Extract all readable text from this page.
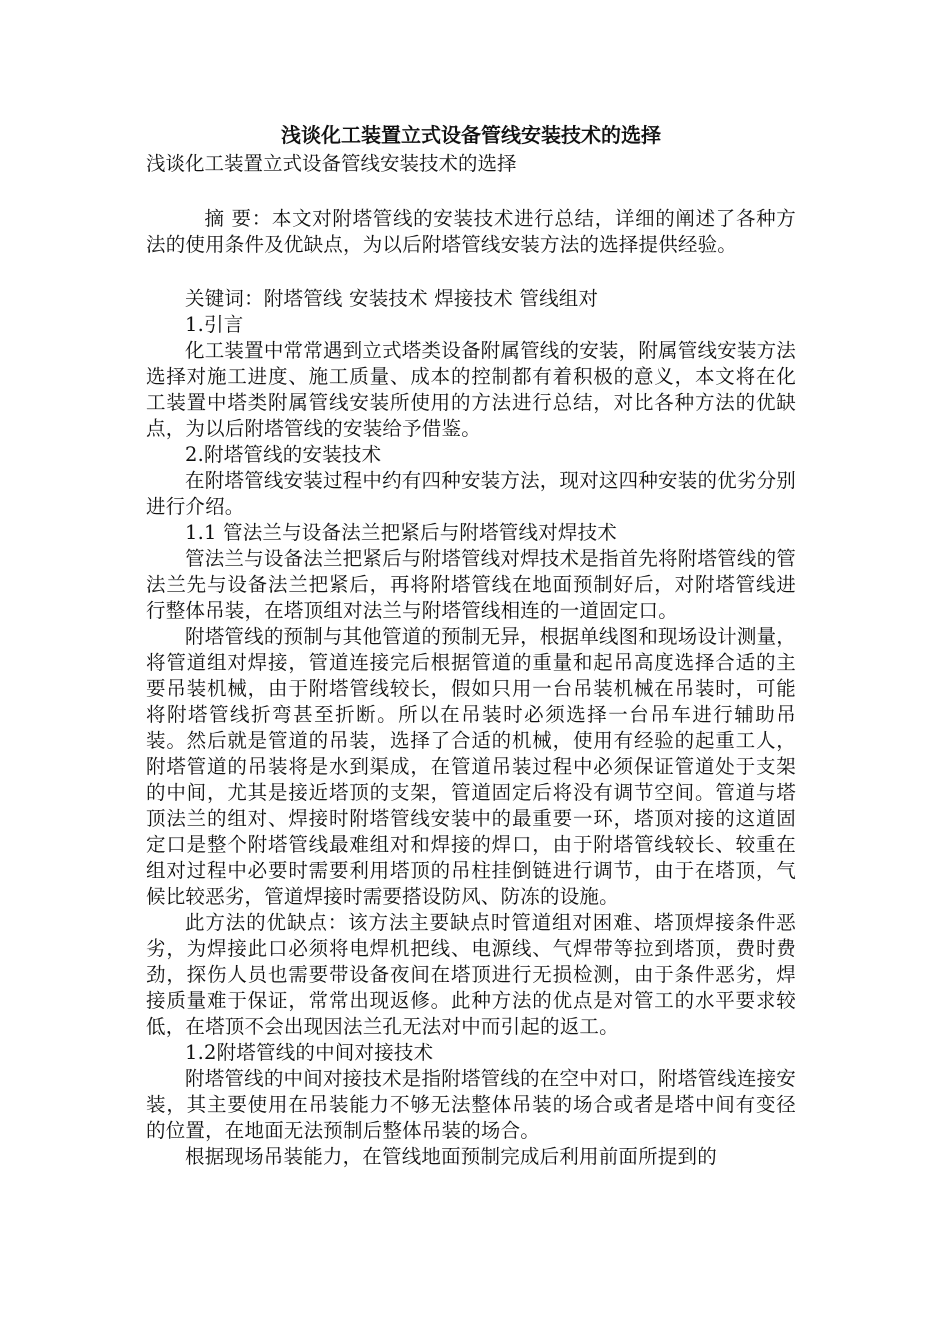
浅谈化工装置立式设备管线安装技术的选择

浅谈化工装置立式设备管线安装技术的选择

摘 要：本文对附塔管线的安装技术进行总结，详细的阐述了各种方法的使用条件及优缺点，为以后附塔管线安装方法的选择提供经验。

关键词：附塔管线 安装技术 焊接技术 管线组对

1.引言

化工装置中常常遇到立式塔类设备附属管线的安装，附属管线安装方法选择对施工进度、施工质量、成本的控制都有着积极的意义，本文将在化工装置中塔类附属管线安装所使用的方法进行总结，对比各种方法的优缺点，为以后附塔管线的安装给予借鉴。

2.附塔管线的安装技术

在附塔管线安装过程中约有四种安装方法，现对这四种安装的优劣分别进行介绍。

1.1 管法兰与设备法兰把紧后与附塔管线对焊技术

管法兰与设备法兰把紧后与附塔管线对焊技术是指首先将附塔管线的管法兰先与设备法兰把紧后，再将附塔管线在地面预制好后，对附塔管线进行整体吊装，在塔顶组对法兰与附塔管线相连的一道固定口。

附塔管线的预制与其他管道的预制无异，根据单线图和现场设计测量，将管道组对焊接，管道连接完后根据管道的重量和起吊高度选择合适的主要吊装机械，由于附塔管线较长，假如只用一台吊装机械在吊装时，可能将附塔管线折弯甚至折断。所以在吊装时必须选择一台吊车进行辅助吊装。然后就是管道的吊装，选择了合适的机械，使用有经验的起重工人，附塔管道的吊装将是水到渠成，在管道吊装过程中必须保证管道处于支架的中间，尤其是接近塔顶的支架，管道固定后将没有调节空间。管道与塔顶法兰的组对、焊接时附塔管线安装中的最重要一环，塔顶对接的这道固定口是整个附塔管线最难组对和焊接的焊口，由于附塔管线较长、较重在组对过程中必要时需要利用塔顶的吊柱挂倒链进行调节，由于在塔顶，气候比较恶劣，管道焊接时需要搭设防风、防冻的设施。

此方法的优缺点：该方法主要缺点时管道组对困难、塔顶焊接条件恶劣，为焊接此口必须将电焊机把线、电源线、气焊带等拉到塔顶，费时费劲，探伤人员也需要带设备夜间在塔顶进行无损检测，由于条件恶劣，焊接质量难于保证，常常出现返修。此种方法的优点是对管工的水平要求较低，在塔顶不会出现因法兰孔无法对中而引起的返工。

1.2附塔管线的中间对接技术

附塔管线的中间对接技术是指附塔管线的在空中对口，附塔管线连接安装，其主要使用在吊装能力不够无法整体吊装的场合或者是塔中间有变径的位置，在地面无法预制后整体吊装的场合。

根据现场吊装能力，在管线地面预制完成后利用前面所提到的
